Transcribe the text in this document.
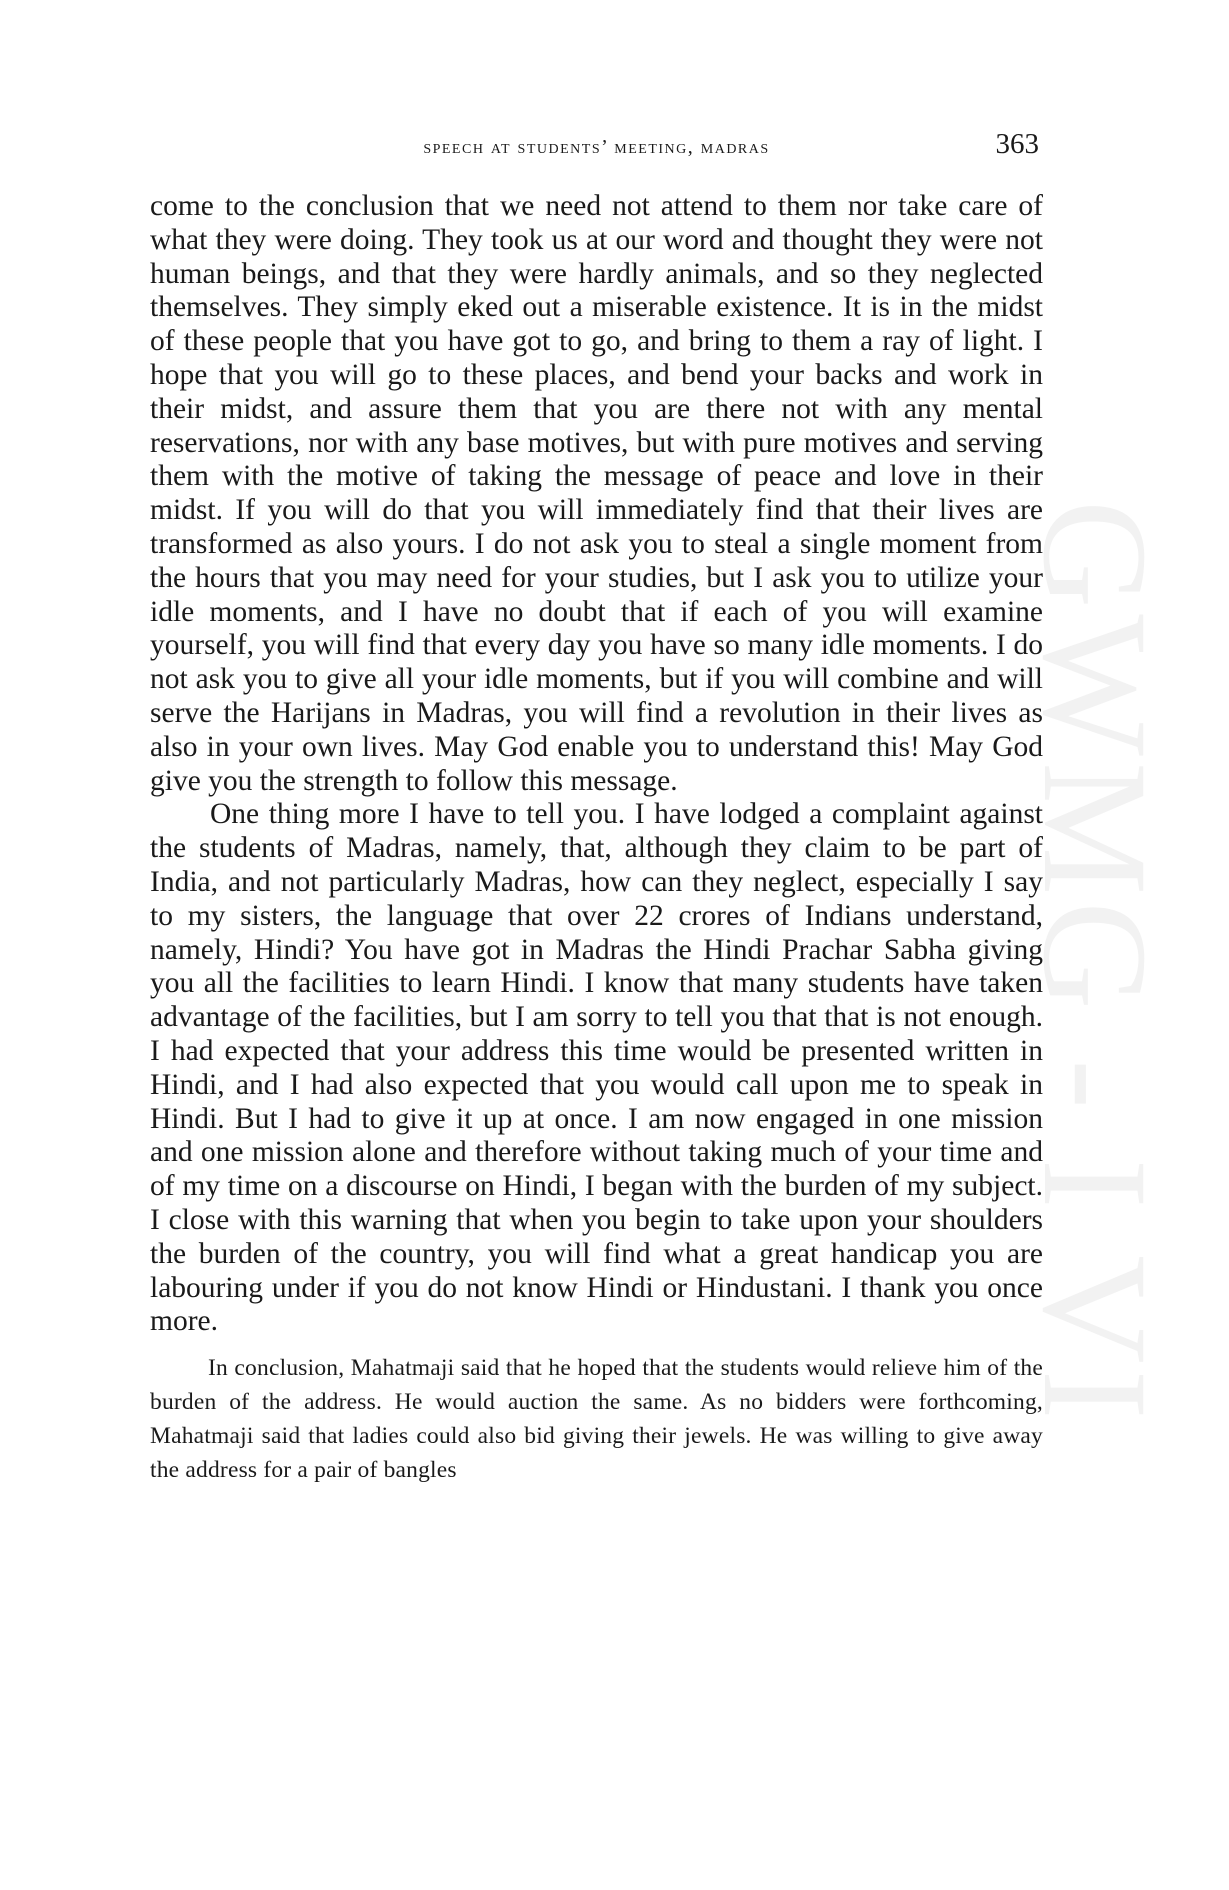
GWMG - I VI
speech at students’ meeting, madras	363

come to the conclusion that we need not attend to them nor take care of what they were doing. They took us at our word and thought they were not human beings, and that they were hardly animals, and so they neglected themselves. They simply eked out a miserable existence. It is in the midst of these people that you have got to go, and bring to them a ray of light. I hope that you will go to these places, and bend your backs and work in their midst, and assure them that you are there not with any mental reservations, nor with any base motives, but with pure motives and serving them with the motive of taking the message of peace and love in their midst. If you will do that you will immediately find that their lives are transformed as also yours. I do not ask you to steal a single moment from the hours that you may need for your studies, but I ask you to utilize your idle moments, and I have no doubt that if each of you will examine yourself, you will find that every day you have so many idle moments. I do not ask you to give all your idle moments, but if you will combine and will serve the Harijans in Madras, you will find a revolution in their lives as also in your own lives. May God enable you to understand this! May God give you the strength to follow this message.

One thing more I have to tell you. I have lodged a complaint against the students of Madras, namely, that, although they claim to be part of India, and not particularly Madras, how can they neglect, especially I say to my sisters, the language that over 22 crores of Indians understand, namely, Hindi? You have got in Madras the Hindi Prachar Sabha giving you all the facilities to learn Hindi. I know that many students have taken advantage of the facilities, but I am sorry to tell you that that is not enough. I had expected that your address this time would be presented written in Hindi, and I had also expected that you would call upon me to speak in Hindi. But I had to give it up at once. I am now engaged in one mission and one mission alone and therefore without taking much of your time and of my time on a discourse on Hindi, I began with the burden of my subject. I close with this warning that when you begin to take upon your shoulders the burden of the country, you will find what a great handicap you are labouring under if you do not know Hindi or Hindustani. I thank you once more.

In conclusion, Mahatmaji said that he hoped that the students would relieve him of the burden of the address. He would auction the same. As no bidders were forthcoming, Mahatmaji said that ladies could also bid giving their jewels. He was willing to give away the address for a pair of bangles
